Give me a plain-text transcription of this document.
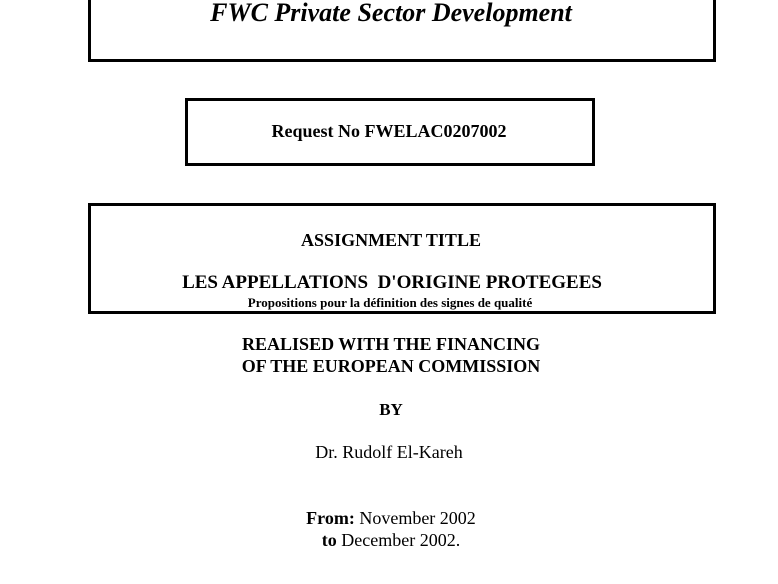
FWC Private Sector Development
Request No FWELAC0207002
ASSIGNMENT TITLE
LES APPELLATIONS  D'ORIGINE PROTEGEES
Propositions pour la définition des signes de qualité
REALISED WITH THE FINANCING
OF THE EUROPEAN COMMISSION
BY
Dr. Rudolf El-Kareh
From: November 2002
to December 2002.
